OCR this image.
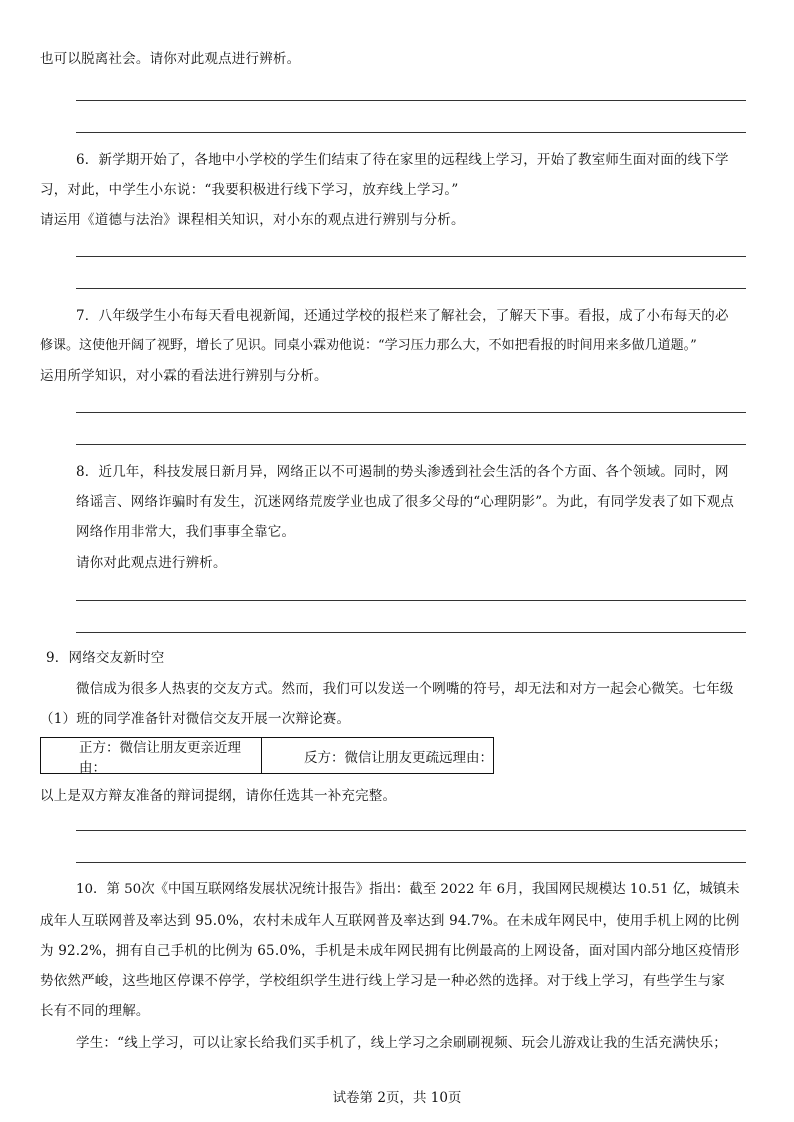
也可以脱离社会。请你对此观点进行辨析。
6．新学期开始了，各地中小学校的学生们结束了待在家里的远程线上学习，开始了教室师生面对面的线下学
习，对此，中学生小东说：“我要积极进行线下学习，放弃线上学习。”
请运用《道德与法治》课程相关知识，对小东的观点进行辨别与分析。
7．八年级学生小布每天看电视新闻，还通过学校的报栏来了解社会，了解天下事。看报，成了小布每天的必
修课。这使他开阔了视野，增长了见识。同桌小霖劝他说：“学习压力那么大，不如把看报的时间用来多做几道题。”
运用所学知识，对小霖的看法进行辨别与分析。
8．近几年，科技发展日新月异，网络正以不可遏制的势头渗透到社会生活的各个方面、各个领域。同时，网
络谣言、网络诈骗时有发生，沉迷网络荒废学业也成了很多父母的“心理阴影”。为此，有同学发表了如下观点
网络作用非常大，我们事事全靠它。
请你对此观点进行辨析。
9．网络交友新时空
微信成为很多人热衷的交友方式。然而，我们可以发送一个咧嘴的符号，却无法和对方一起会心微笑。七年级
（1）班的同学准备针对微信交友开展一次辩论赛。
正方：微信让朋友更亲近理由：
反方：微信让朋友更疏远理由：
以上是双方辩友准备的辩词提纲，请你任选其一补充完整。
10．第 50次《中国互联网络发展状况统计报告》指出：截至 2022 年 6月，我国网民规模达 10.51 亿，城镇未
成年人互联网普及率达到 95.0%，农村未成年人互联网普及率达到 94.7%。在未成年网民中，使用手机上网的比例
为 92.2%，拥有自己手机的比例为 65.0%，手机是未成年网民拥有比例最高的上网设备，面对国内部分地区疫情形
势依然严峻，这些地区停课不停学，学校组织学生进行线上学习是一种必然的选择。对于线上学习，有些学生与家
长有不同的理解。
学生：“线上学习，可以让家长给我们买手机了，线上学习之余刷刷视频、玩会儿游戏让我的生活充满快乐；
试卷第 2页，共 10页
